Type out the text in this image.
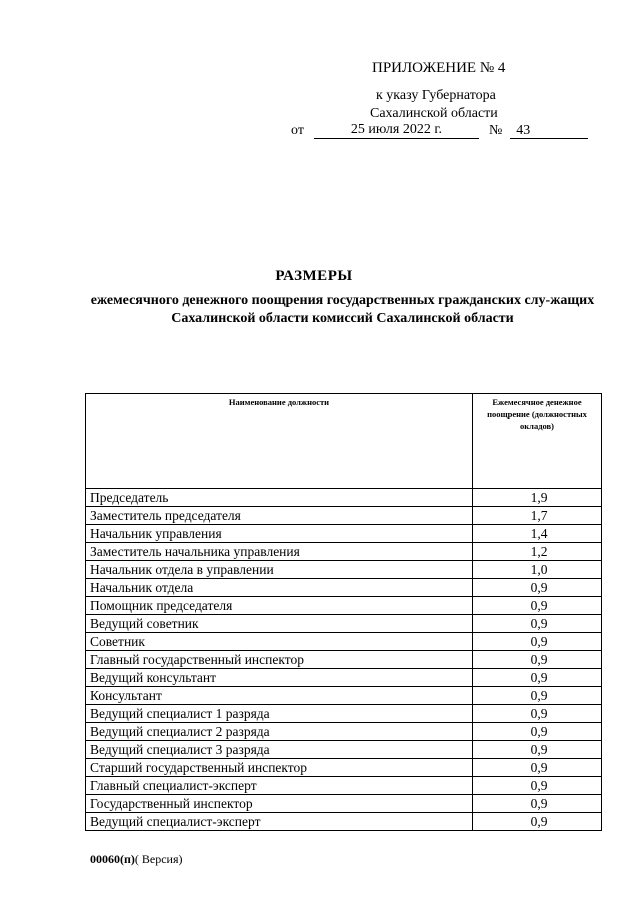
ПРИЛОЖЕНИЕ № 4
к указу Губернатора
Сахалинской области
от	25 июля 2022 г.	№	43
РАЗМЕРЫ
ежемесячного денежного поощрения государственных гражданских слу-жащих Сахалинской области комиссий Сахалинской области
Наименование должности	Ежемесячное денежное поощрение (должностных окладов)
Председатель	1,9
Заместитель председателя	1,7
Начальник управления	1,4
Заместитель начальника управления	1,2
Начальник отдела в управлении	1,0
Начальник отдела	0,9
Помощник председателя	0,9
Ведущий советник	0,9
Советник	0,9
Главный государственный инспектор	0,9
Ведущий консультант	0,9
Консультант	0,9
Ведущий специалист 1 разряда	0,9
Ведущий специалист 2 разряда	0,9
Ведущий специалист 3 разряда	0,9
Старший государственный инспектор	0,9
Главный специалист-эксперт	0,9
Государственный инспектор	0,9
Ведущий специалист-эксперт	0,9
00060(п)( Версия)
